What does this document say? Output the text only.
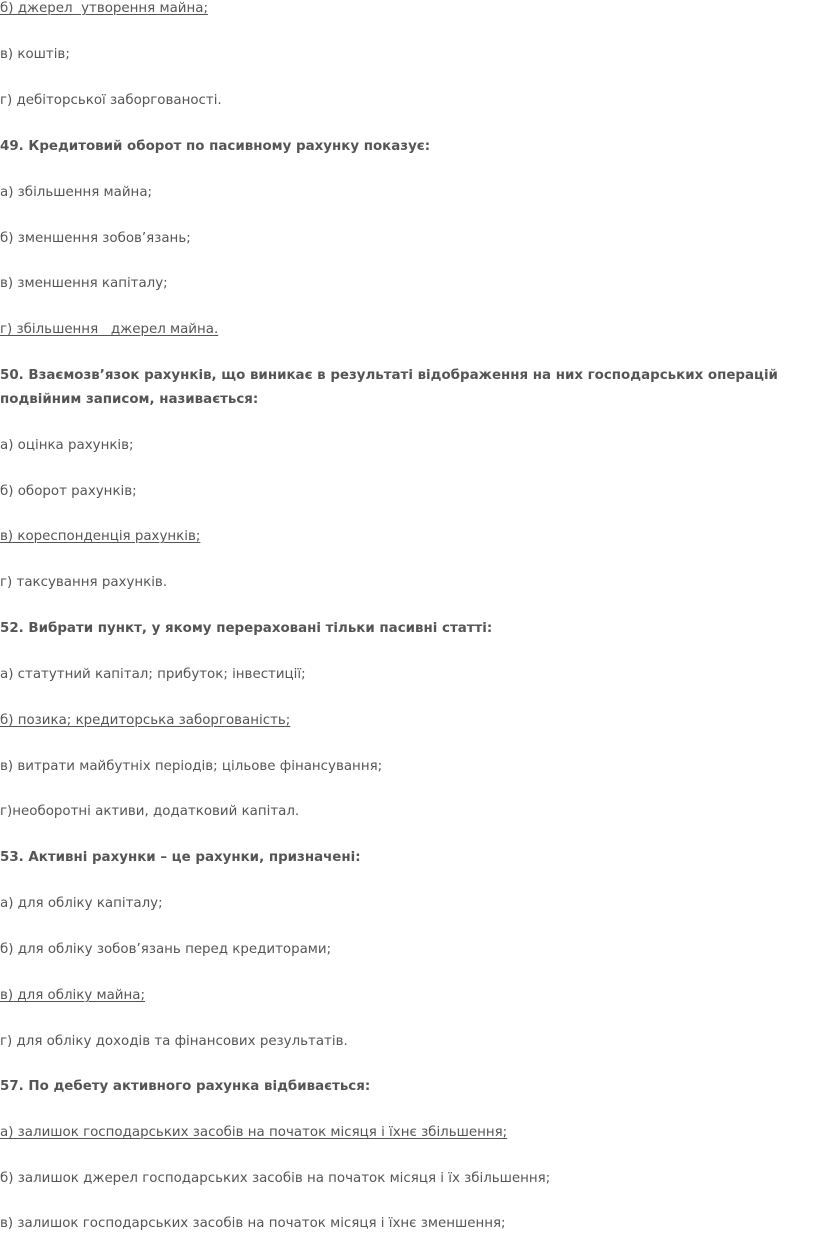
б) джерел  утворення майна;

в) коштів;

г) дебіторської заборгованості.

49. Кредитовий оборот по пасивному рахунку показує:

а) збільшення майна;

б) зменшення зобов’язань;

в) зменшення капіталу;

г) збільшення   джерел майна.

50. Взаємозв’язок рахунків, що виникає в результаті відображення на них господарських операцій

подвійним записом, називається:

а) оцінка рахунків;

б) оборот рахунків;

в) кореспонденція рахунків;

г) таксування рахунків.

52. Вибрати пункт, у якому перераховані тільки пасивні статті:

а) статутний капітал; прибуток; інвестиції;

б) позика; кредиторська заборгованість;

в) витрати майбутніх періодів; цільове фінансування;

г)необоротні активи, додатковий капітал.

53. Активні рахунки – це рахунки, призначені:

а) для обліку капіталу;

б) для обліку зобов’язань перед кредиторами;

в) для обліку майна;

г) для обліку доходів та фінансових результатів.

57. По дебету активного рахунка відбивається:

а) залишок господарських засобів на початок місяця і їхнє збільшення;

б) залишок джерел господарських засобів на початок місяця і їх збільшення;

в) залишок господарських засобів на початок місяця і їхнє зменшення;
